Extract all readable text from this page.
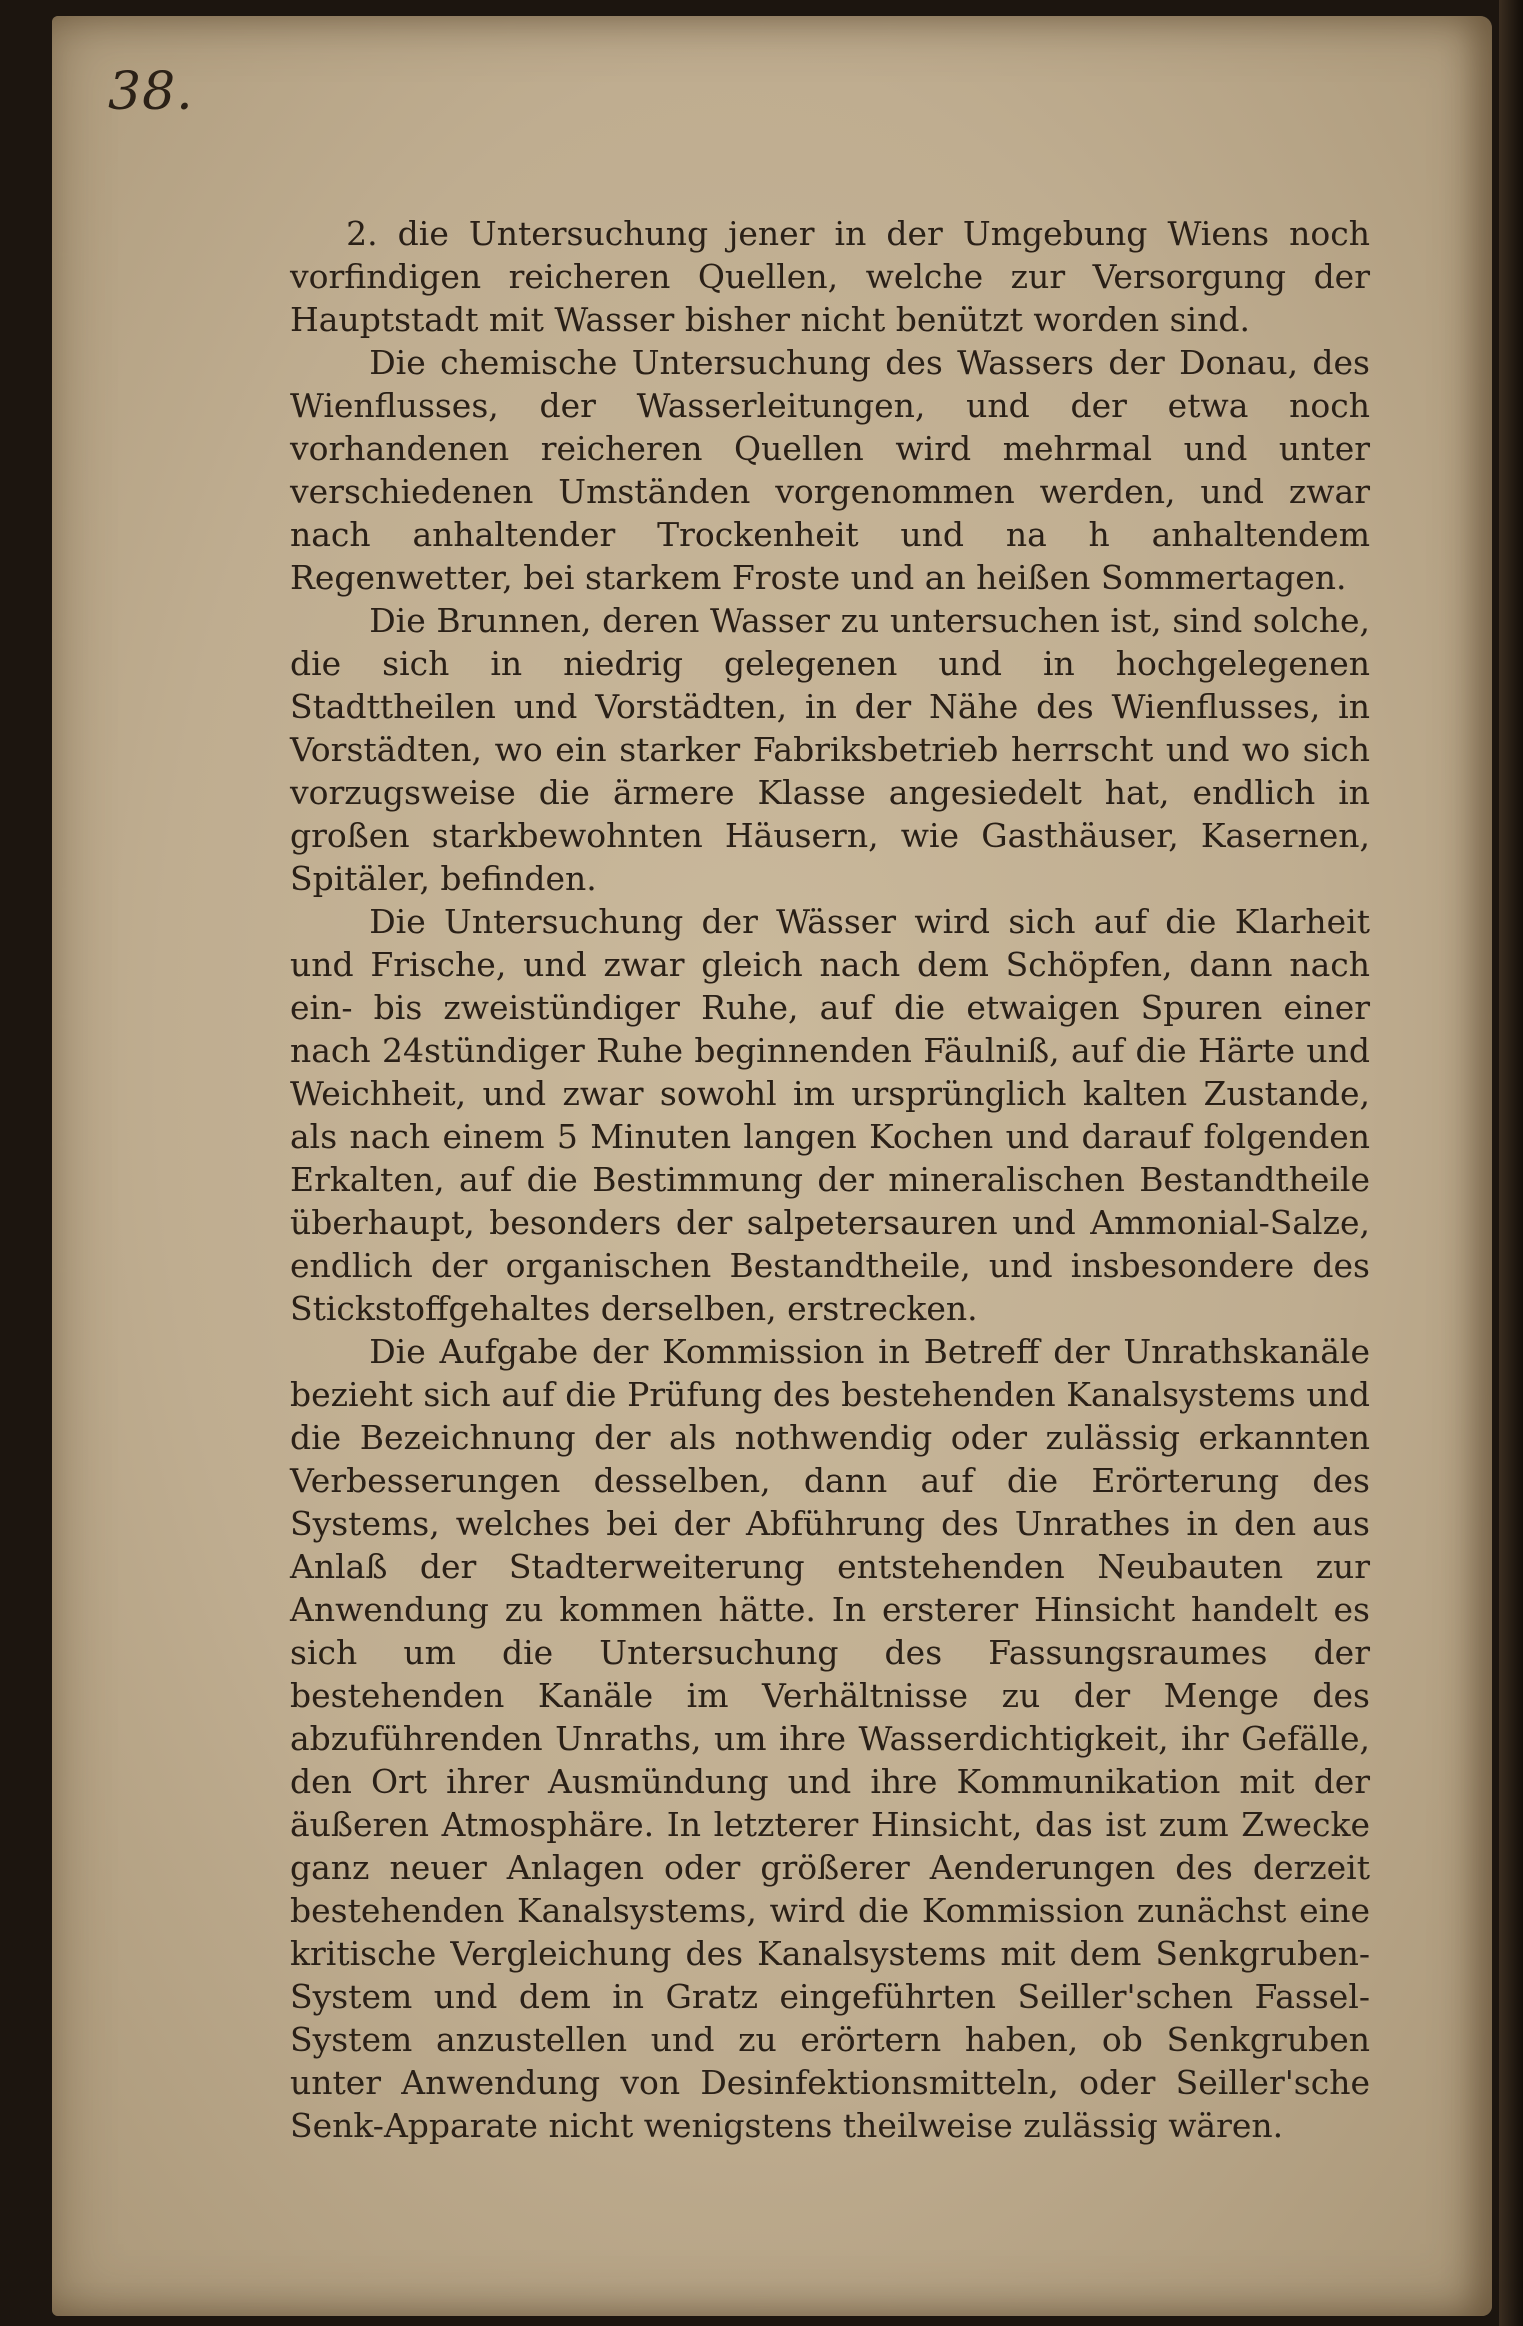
38.

2. die Untersuchung jener in der Umgebung Wiens noch vorfindigen reicheren Quellen, welche zur Versorgung der Hauptstadt mit Wasser bisher nicht benützt worden sind.

Die chemische Untersuchung des Wassers der Donau, des Wienflusses, der Wasserleitungen, und der etwa noch vorhandenen reicheren Quellen wird mehrmal und unter verschiedenen Umständen vorgenommen werden, und zwar nach anhaltender Trockenheit und na h anhaltendem Regenwetter, bei starkem Froste und an heißen Sommertagen.

Die Brunnen, deren Wasser zu untersuchen ist, sind solche, die sich in niedrig gelegenen und in hochgelegenen Stadttheilen und Vorstädten, in der Nähe des Wienflusses, in Vorstädten, wo ein starker Fabriksbetrieb herrscht und wo sich vorzugsweise die ärmere Klasse angesiedelt hat, endlich in großen starkbewohnten Häusern, wie Gasthäuser, Kasernen, Spitäler, befinden.

Die Untersuchung der Wässer wird sich auf die Klarheit und Frische, und zwar gleich nach dem Schöpfen, dann nach ein- bis zweistündiger Ruhe, auf die etwaigen Spuren einer nach 24stündiger Ruhe beginnenden Fäulniß, auf die Härte und Weichheit, und zwar sowohl im ursprünglich kalten Zustande, als nach einem 5 Minuten langen Kochen und darauf folgenden Erkalten, auf die Bestimmung der mineralischen Bestandtheile überhaupt, besonders der salpetersauren und Ammonial-Salze, endlich der organischen Bestandtheile, und insbesondere des Stickstoffgehaltes derselben, erstrecken.

Die Aufgabe der Kommission in Betreff der Unrathskanäle bezieht sich auf die Prüfung des bestehenden Kanalsystems und die Bezeichnung der als nothwendig oder zulässig erkannten Verbesserungen desselben, dann auf die Erörterung des Systems, welches bei der Abführung des Unrathes in den aus Anlaß der Stadterweiterung entstehenden Neubauten zur Anwendung zu kommen hätte. In ersterer Hinsicht handelt es sich um die Untersuchung des Fassungsraumes der bestehenden Kanäle im Verhältnisse zu der Menge des abzuführenden Unraths, um ihre Wasserdichtigkeit, ihr Gefälle, den Ort ihrer Ausmündung und ihre Kommunikation mit der äußeren Atmosphäre. In letzterer Hinsicht, das ist zum Zwecke ganz neuer Anlagen oder größerer Aenderungen des derzeit bestehenden Kanalsystems, wird die Kommission zunächst eine kritische Vergleichung des Kanalsystems mit dem Senkgruben-System und dem in Gratz eingeführten Seiller'schen Fassel-System anzustellen und zu erörtern haben, ob Senkgruben unter Anwendung von Desinfektionsmitteln, oder Seiller'sche Senk-Apparate nicht wenigstens theilweise zulässig wären.
